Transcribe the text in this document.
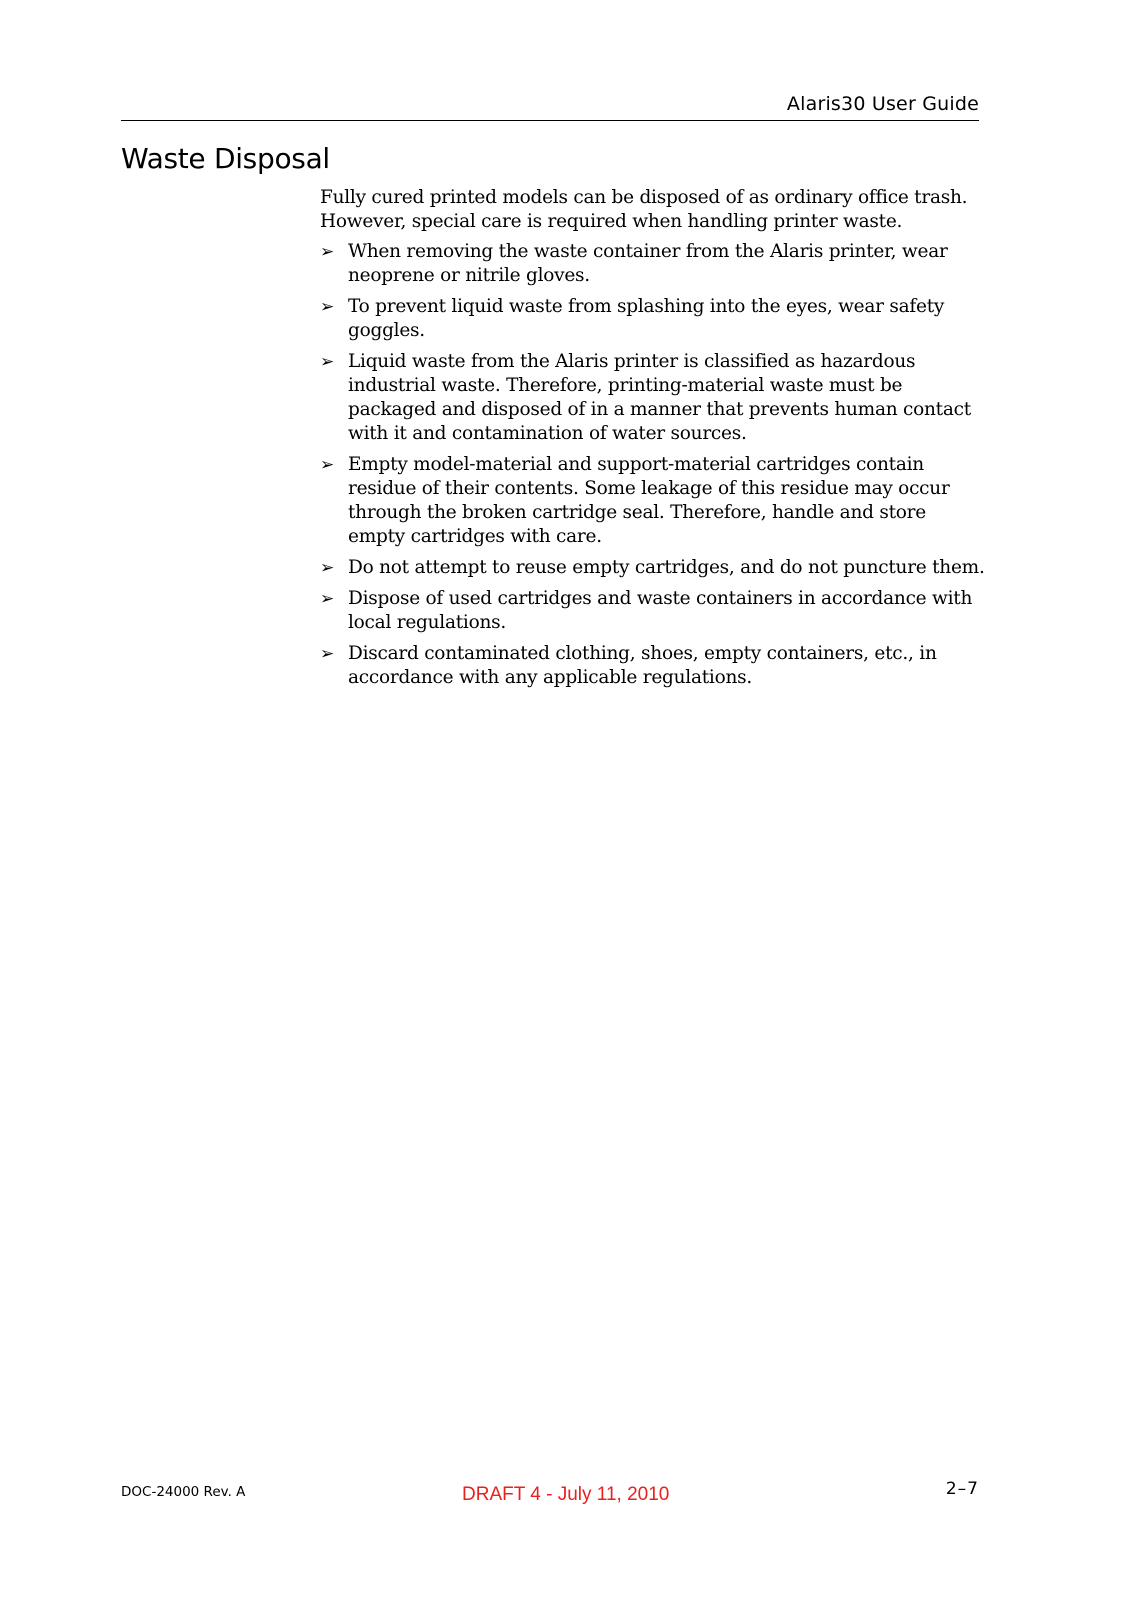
Alaris30 User Guide
Waste Disposal

Fully cured printed models can be disposed of as ordinary office trash. However, special care is required when handling printer waste.

➢ When removing the waste container from the Alaris printer, wear neoprene or nitrile gloves.
➢ To prevent liquid waste from splashing into the eyes, wear safety goggles.
➢ Liquid waste from the Alaris printer is classified as hazardous industrial waste. Therefore, printing-material waste must be packaged and disposed of in a manner that prevents human contact with it and contamination of water sources.
➢ Empty model-material and support-material cartridges contain residue of their contents. Some leakage of this residue may occur through the broken cartridge seal. Therefore, handle and store empty cartridges with care.
➢ Do not attempt to reuse empty cartridges, and do not puncture them.
➢ Dispose of used cartridges and waste containers in accordance with local regulations.
➢ Discard contaminated clothing, shoes, empty containers, etc., in accordance with any applicable regulations.
DOC-24000 Rev. A	DRAFT 4 - July 11, 2010	2–7
